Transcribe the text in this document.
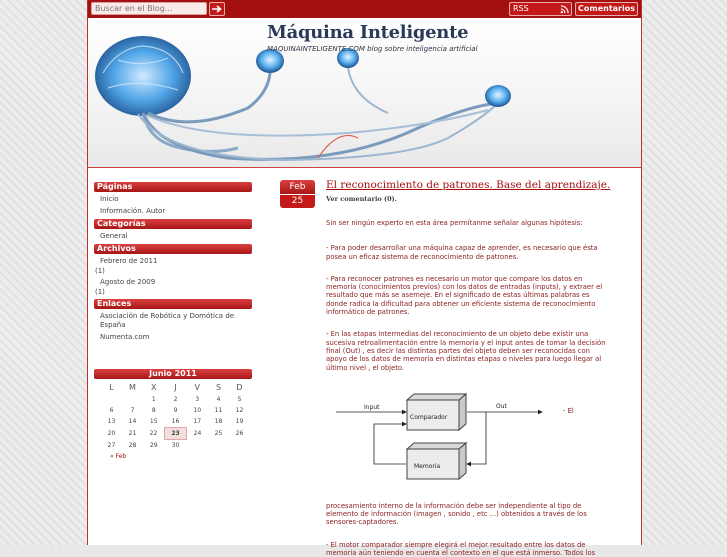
Buscar en el Blog...
RSS	Comentarios
Máquina Inteligente
MAQUINAINTELIGENTE.COM blog sobre inteligencia artificial
Páginas
Inicio
Información. Autor
Categorías
General
Archivos
Febrero de 2011
(1)
Agosto de 2009
(1)
Enlaces
Asociación de Robótica y Domótica de España
Numenta.com
Junio 2011
L	M	X	J	V	S	D
		1	2	3	4	5
6	7	8	9	10	11	12
13	14	15	16	17	18	19
20	21	22	23	24	25	26
27	28	29	30			
« Feb
Feb
25
El reconocimiento de patrones. Base del aprendizaje.
Ver comentario (0).

Sin ser ningún experto en esta área permítanme señalar algunas hipótesis:

- Para poder desarrollar una máquina capaz de aprender, es necesario que ésta posea un eficaz sistema de reconocimiento de patrones.

- Para reconocer patrones es necesario un motor que compare los datos en memoria (conocimientos previos) con los datos de entradas (inputs), y extraer el resultado que más se asemeje. En el significado de estas últimas palabras es donde radica la dificultad para obtener un eficiente sistema de reconocimiento informático de patrones.

- En las etapas intermedias del reconocimiento de un objeto debe existir una sucesiva retroalimentación entre la memoria y el input antes de tomar la decisión final (Out) , es decir las distintas partes del objeto deben ser reconocidas con apoyo de los datos de memoria en distintas etapas o niveles para luego llegar al último nivel , el objeto.

Input
Comparador
Out
Memoria
- El

procesamiento interno de la información debe ser independiente al tipo de elemento de información (imagen , sonido , etc ...) obtenidos a través de los sensores-captadores.

- El motor comparador siempre elegirá el mejor resultado entre los datos de memoria aún teniendo en cuenta el contexto en el que está inmerso. Todos los
